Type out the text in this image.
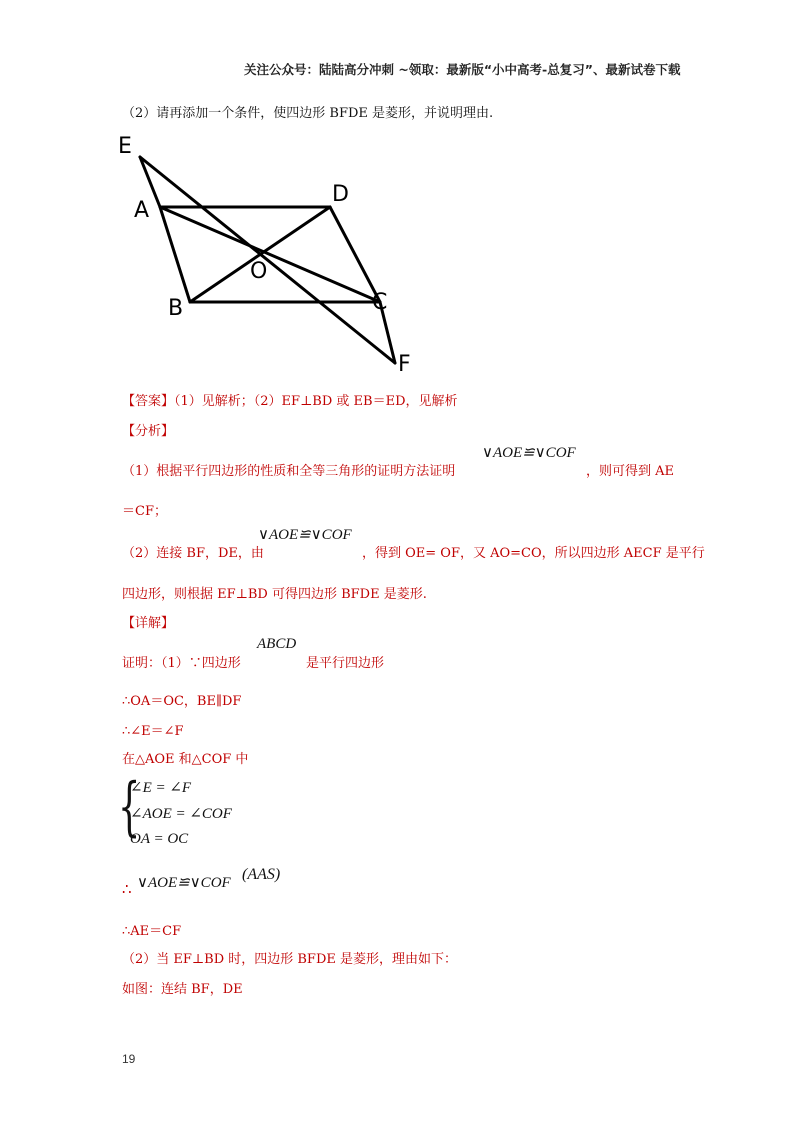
关注公众号：陆陆高分冲刺 ~领取：最新版“小中高考-总复习”、最新试卷下载
（2）请再添加一个条件，使四边形 BFDE 是菱形，并说明理由.
E
A
D
O
B	C
F
【答案】（1）见解析；（2）EF⊥BD 或 EB＝ED，见解析
【分析】
（1）根据平行四边形的性质和全等三角形的证明方法证明
∨AOE≌∨COF
，则可得到 AE
＝CF；
（2）连接 BF，DE，由
∨AOE≌∨COF
，得到 OE= OF，又 AO=CO，所以四边形 AECF 是平行
四边形，则根据 EF⊥BD 可得四边形 BFDE 是菱形.
【详解】
证明：（1）∵四边形
ABCD
是平行四边形
∴OA＝OC，BE∥DF
∴∠E＝∠F
在△AOE 和△COF 中
{
∠E = ∠F
∠AOE = ∠COF
OA = OC
∴ ∨AOE≌∨COF (AAS)
∴AE＝CF
（2）当 EF⊥BD 时，四边形 BFDE 是菱形，理由如下：
如图：连结 BF，DE
19
